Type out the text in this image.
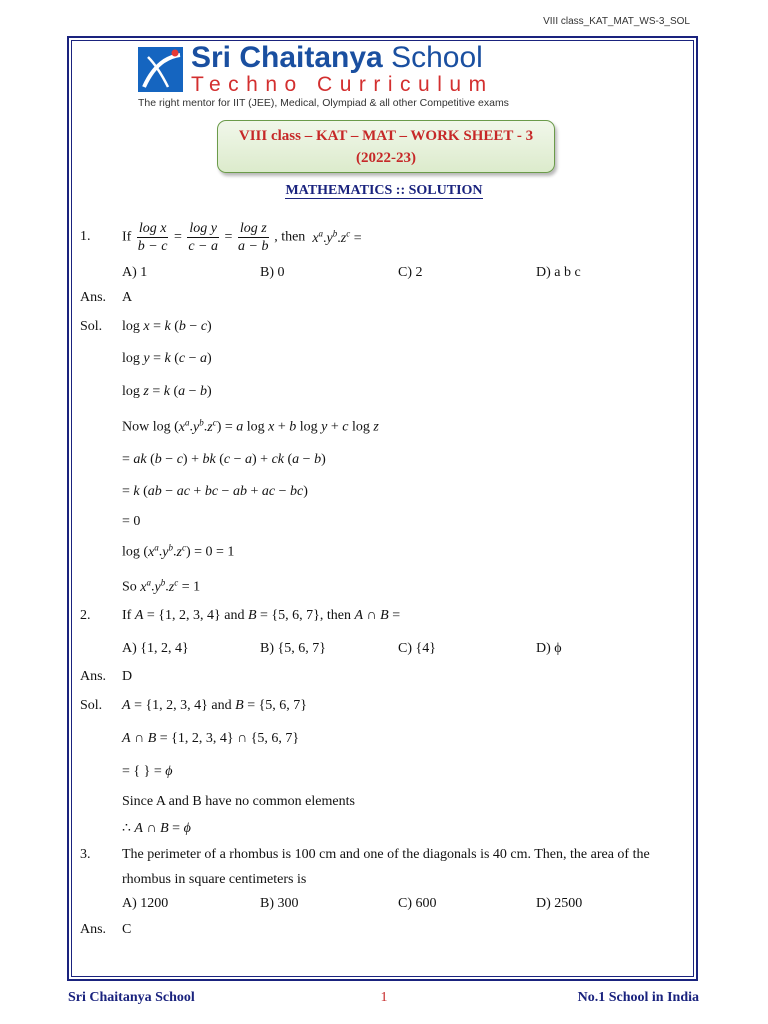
VIII class_KAT_MAT_WS-3_SOL
Sri Chaitanya School
Techno Curriculum
The right mentor for IIT (JEE), Medical, Olympiad & all other Competitive exams
VIII class – KAT – MAT – WORK SHEET - 3
(2022-23)
MATHEMATICS :: SOLUTION
1. If $\frac{\text{log x}}{b - c} = \frac{\text{log y}}{c - a} = \frac{\text{log z}}{a - b}$ , then $x^a.y^b.z^c$ =
A) 1	B) 0	C) 2	D) a b c
Ans. A
Sol. log x = k (b − c)
log y = k (c − a)
log z = k (a − b)
Now $\log (x^a.y^b.z^c) = a$ log x + b log y + c log z
= ak (b − c) + bk (c − a) + ck (a − b)
= k (ab − ac + bc − ab + ac − bc)
= 0
$\log (x^a.y^b.z^c) = 0 = 1$
So $x^a.y^b.z^c = 1$
2. If A = {1, 2, 3, 4} and B = {5, 6, 7}, then A ∩ B =
A) {1, 2, 4}	B) {5, 6, 7}	C) {4}	D) ϕ
Ans. D
Sol. A = {1, 2, 3, 4} and B = {5, 6, 7}
A ∩ B = {1, 2, 3, 4} ∩ {5, 6, 7}
= { } = ϕ
Since A and B have no common elements
∴ A ∩ B = ϕ
3. The perimeter of a rhombus is 100 cm and one of the diagonals is 40 cm. Then, the area of the
rhombus in square centimeters is
A) 1200	B) 300	C) 600	D) 2500
Ans. C
Sri Chaitanya School	1	No.1 School in India
